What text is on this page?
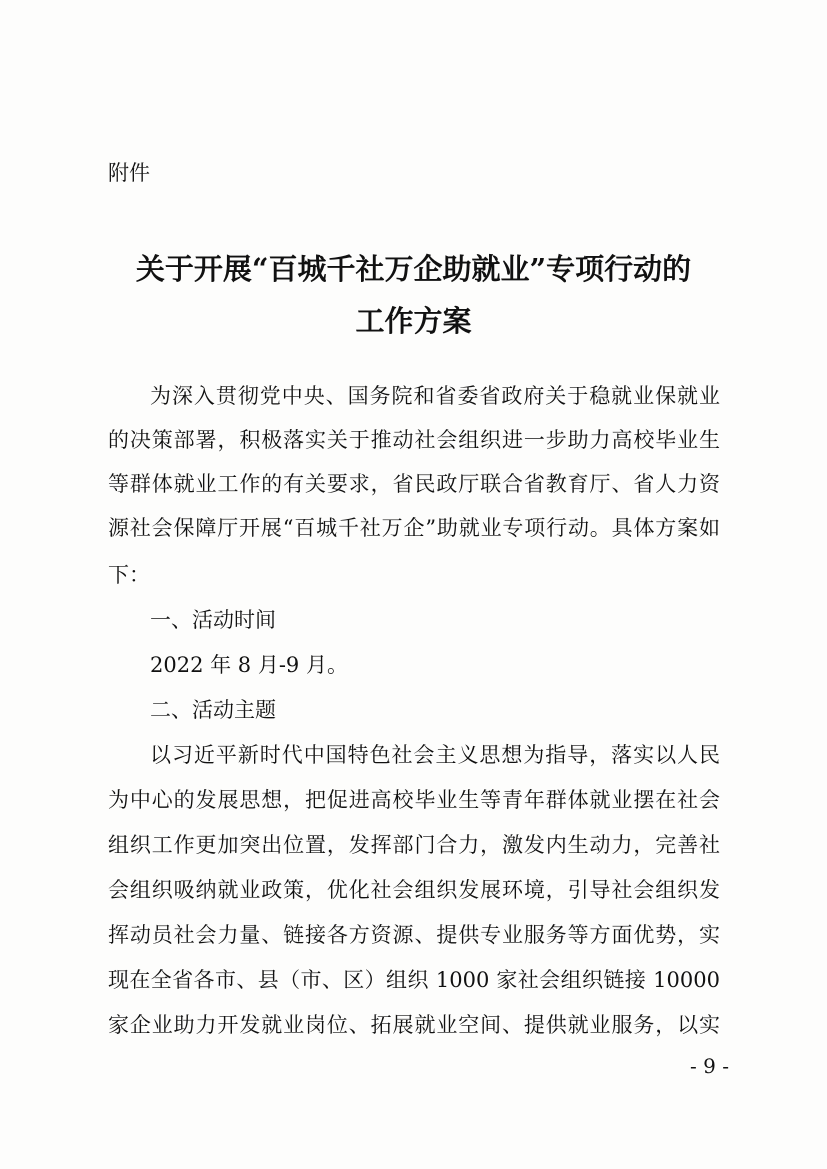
附件
关于开展“百城千社万企助就业”专项行动的
工作方案
为深入贯彻党中央、国务院和省委省政府关于稳就业保就业
的决策部署，积极落实关于推动社会组织进一步助力高校毕业生
等群体就业工作的有关要求，省民政厅联合省教育厅、省人力资
源社会保障厅开展“百城千社万企”助就业专项行动。具体方案如
下：
一、活动时间
2022 年 8 月-9 月。
二、活动主题
以习近平新时代中国特色社会主义思想为指导，落实以人民
为中心的发展思想，把促进高校毕业生等青年群体就业摆在社会
组织工作更加突出位置，发挥部门合力，激发内生动力，完善社
会组织吸纳就业政策，优化社会组织发展环境，引导社会组织发
挥动员社会力量、链接各方资源、提供专业服务等方面优势，实
现在全省各市、县（市、区）组织 1000 家社会组织链接 10000
家企业助力开发就业岗位、拓展就业空间、提供就业服务，以实
- 9 -
